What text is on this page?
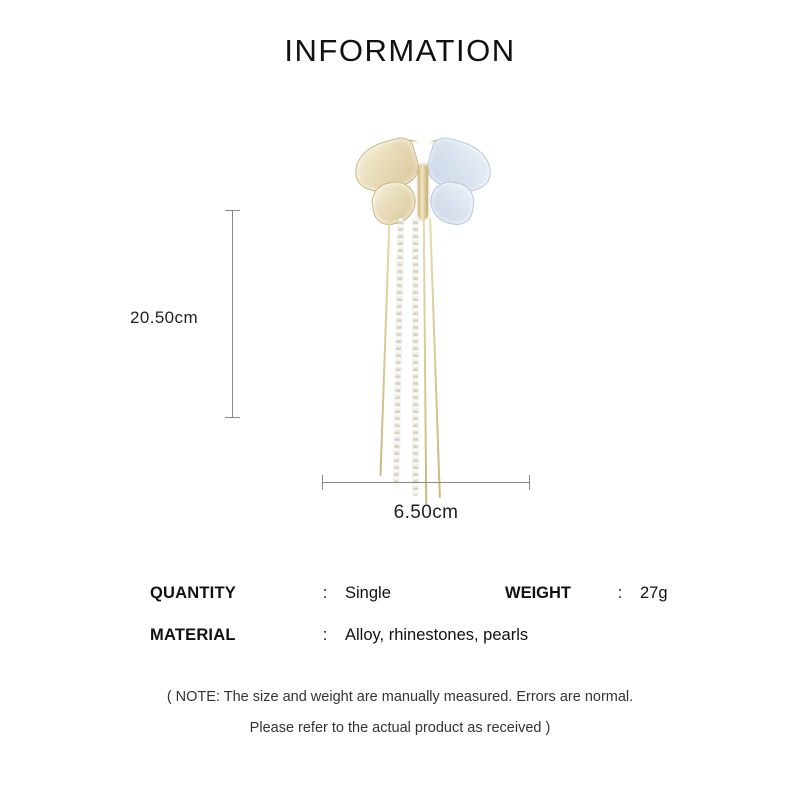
INFORMATION
20.50cm
6.50cm
QUANTITY	:	Single	WEIGHT	:	27g
MATERIAL	:	Alloy, rhinestones, pearls
( NOTE: The size and weight are manually measured. Errors are normal.
Please refer to the actual product as received )
